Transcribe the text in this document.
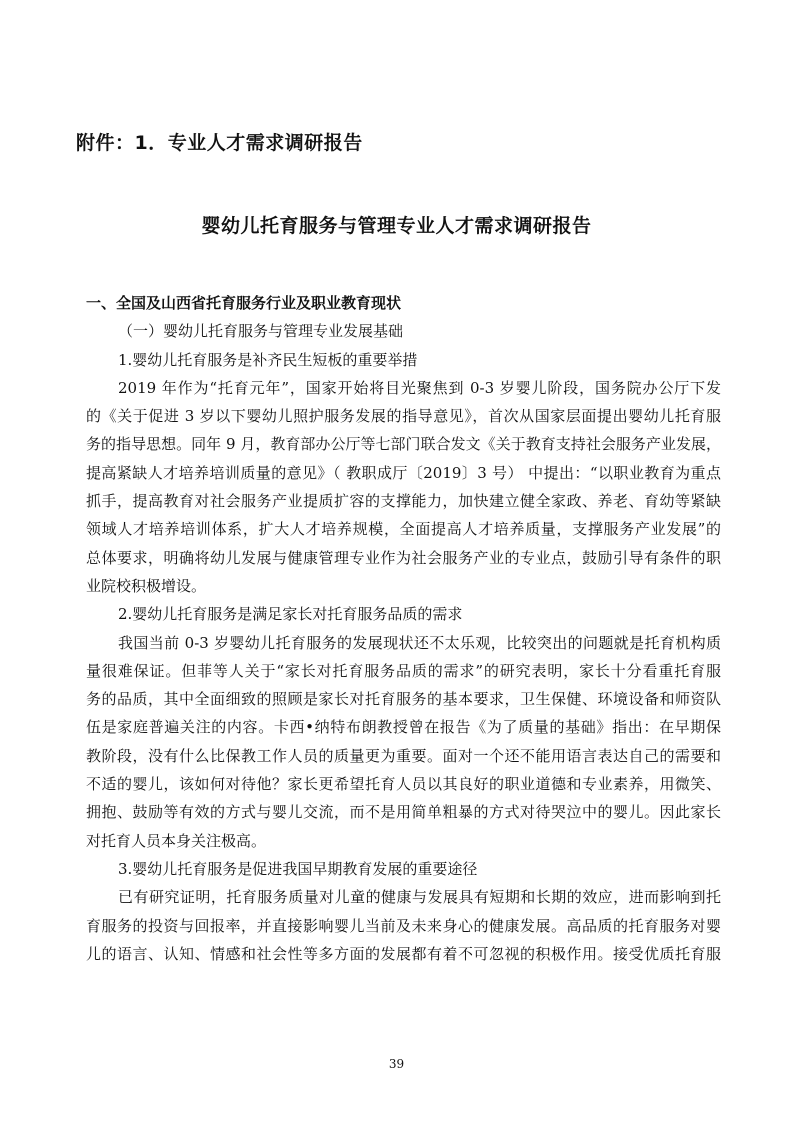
附件：1．专业人才需求调研报告
婴幼儿托育服务与管理专业人才需求调研报告
一、全国及山西省托育服务行业及职业教育现状
（一）婴幼儿托育服务与管理专业发展基础
1.婴幼儿托育服务是补齐民生短板的重要举措
2019 年作为“托育元年”，国家开始将目光聚焦到 0-3 岁婴儿阶段，国务院办公厅下发
的《关于促进 3 岁以下婴幼儿照护服务发展的指导意见》，首次从国家层面提出婴幼儿托育服
务的指导思想。同年 9 月，教育部办公厅等七部门联合发文《关于教育支持社会服务产业发展，
提高紧缺人才培养培训质量的意见》（ 教职成厅〔2019〕3 号） 中提出：“以职业教育为重点
抓手，提高教育对社会服务产业提质扩容的支撑能力，加快建立健全家政、养老、育幼等紧缺
领域人才培养培训体系，扩大人才培养规模，全面提高人才培养质量，支撑服务产业发展”的
总体要求，明确将幼儿发展与健康管理专业作为社会服务产业的专业点，鼓励引导有条件的职
业院校积极增设。
2.婴幼儿托育服务是满足家长对托育服务品质的需求
我国当前 0-3 岁婴幼儿托育服务的发展现状还不太乐观，比较突出的问题就是托育机构质
量很难保证。但菲等人关于“家长对托育服务品质的需求”的研究表明，家长十分看重托育服
务的品质，其中全面细致的照顾是家长对托育服务的基本要求，卫生保健、环境设备和师资队
伍是家庭普遍关注的内容。卡西•纳特布朗教授曾在报告《为了质量的基础》指出：在早期保
教阶段，没有什么比保教工作人员的质量更为重要。面对一个还不能用语言表达自己的需要和
不适的婴儿，该如何对待他？家长更希望托育人员以其良好的职业道德和专业素养，用微笑、
拥抱、鼓励等有效的方式与婴儿交流，而不是用简单粗暴的方式对待哭泣中的婴儿。因此家长
对托育人员本身关注极高。
3.婴幼儿托育服务是促进我国早期教育发展的重要途径
已有研究证明，托育服务质量对儿童的健康与发展具有短期和长期的效应，进而影响到托
育服务的投资与回报率，并直接影响婴儿当前及未来身心的健康发展。高品质的托育服务对婴
儿的语言、认知、情感和社会性等多方面的发展都有着不可忽视的积极作用。接受优质托育服
39
